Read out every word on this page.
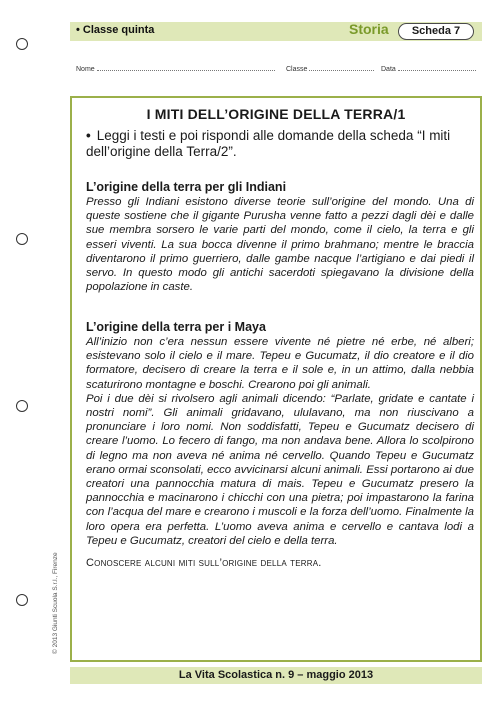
• Classe quinta	Storia	Scheda 7
Nome	Classe	Data
I MITI DELL’ORIGINE DELLA TERRA/1
• Leggi i testi e poi rispondi alle domande della scheda “I miti dell’origine della Terra/2”.
L’origine della terra per gli Indiani

Presso gli Indiani esistono diverse teorie sull’origine del mondo. Una di queste sostiene che il gigante Purusha venne fatto a pezzi dagli dèi e dalle sue membra sorsero le varie parti del mondo, come il cielo, la terra e gli esseri viventi. La sua bocca divenne il primo brahmano; mentre le braccia diventarono il primo guerriero, dalle gambe nacque l’artigiano e dai piedi il servo. In questo modo gli antichi sacerdoti spiegavano la divisione della popolazione in caste.

L’origine della terra per i Maya

All’inizio non c’era nessun essere vivente né pietre né erbe, né alberi; esistevano solo il cielo e il mare. Tepeu e Gucumatz, il dio creatore e il dio formatore, decisero di creare la terra e il sole e, in un attimo, dalla nebbia scaturirono montagne e boschi. Crearono poi gli animali.

Poi i due dèi si rivolsero agli animali dicendo: “Parlate, gridate e cantate i nostri nomi”. Gli animali gridavano, ululavano, ma non riuscivano a pronunciare i loro nomi. Non soddisfatti, Tepeu e Gucumatz decisero di creare l’uomo. Lo fecero di fango, ma non andava bene. Allora lo scolpirono di legno ma non aveva né anima né cervello. Quando Tepeu e Gucumatz erano ormai sconsolati, ecco avvicinarsi alcuni animali. Essi portarono ai due creatori una pannocchia matura di mais. Tepeu e Gucumatz presero la pannocchia e macinarono i chicchi con una pietra; poi impastarono la farina con l’acqua del mare e crearono i muscoli e la forza dell’uomo. Finalmente la loro opera era perfetta. L’uomo aveva anima e cervello e cantava lodi a Tepeu e Gucumatz, creatori del cielo e della terra.

Conoscere alcuni miti sull’origine della terra.

© 2013 Giunti Scuola S.r.l., Firenze
La Vita Scolastica n. 9 – maggio 2013
